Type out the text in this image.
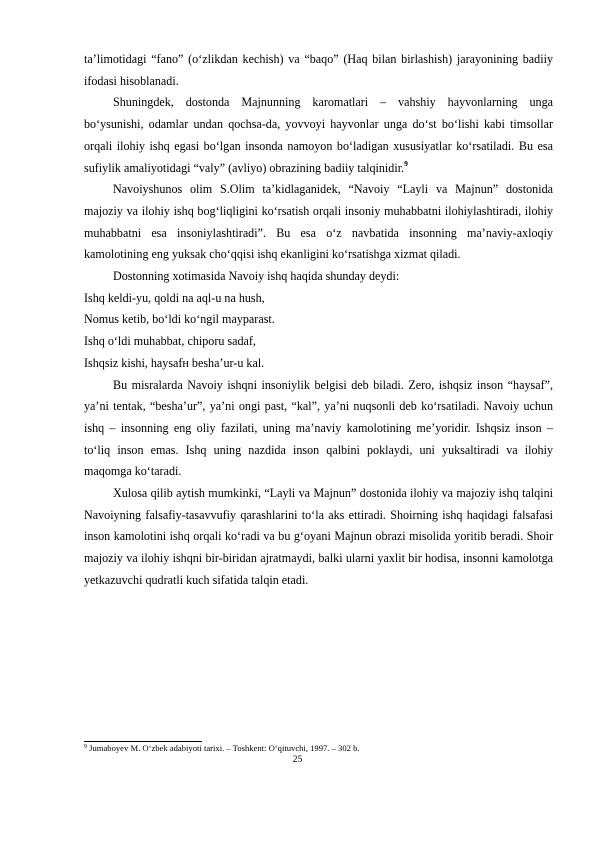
ta’limotidagi “fano” (o‘zlikdan kechish) va “baqo” (Haq bilan birlashish) jarayonining badiiy ifodasi hisoblanadi.

Shuningdek, dostonda Majnunning karomatlari – vahshiy hayvonlarning unga bo‘ysunishi, odamlar undan qochsa-da, yovvoyi hayvonlar unga do‘st bo‘lishi kabi timsollar orqali ilohiy ishq egasi bo‘lgan insonda namoyon bo‘ladigan xususiyatlar ko‘rsatiladi. Bu esa sufiylik amaliyotidagi “valy” (avliyo) obrazining badiiy talqinidir.$^9$

Navoiyshunos olim S.Olim ta’kidlaganidek, “Navoiy “Layli va Majnun” dostonida majoziy va ilohiy ishq bog‘liqligini ko‘rsatish orqali insoniy muhabbatni ilohiylashtiradi, ilohiy muhabbatni esa insoniylashtiradi”. Bu esa o‘z navbatida insonning ma’naviy-axloqiy kamolotining eng yuksak cho‘qqisi ishq ekanligini ko‘rsatishga xizmat qiladi.

Dostonning xotimasida Navoiy ishq haqida shunday deydi:

Ishq keldi-yu, qoldi na aql-u na hush,

Nomus ketib, bo‘ldi ko‘ngil mayparast.

Ishq o‘ldi muhabbat, chiporu sadaf,

Ishqsiz kishi, haysafн besha’ur-u kal.

Bu misralarda Navoiy ishqni insoniylik belgisi deb biladi. Zero, ishqsiz inson “haysaf”, ya’ni tentak, “besha’ur”, ya’ni ongi past, “kal”, ya’ni nuqsonli deb ko‘rsatiladi. Navoiy uchun ishq – insonning eng oliy fazilati, uning ma’naviy kamolotining me’yoridir. Ishqsiz inson – to‘liq inson emas. Ishq uning nazdida inson qalbini poklaydi, uni yuksaltiradi va ilohiy maqomga ko‘taradi.

Xulosa qilib aytish mumkinki, “Layli va Majnun” dostonida ilohiy va majoziy ishq talqini Navoiyning falsafiy-tasavvufiy qarashlarini to‘la aks ettiradi. Shoirning ishq haqidagi falsafasi inson kamolotini ishq orqali ko‘radi va bu g‘oyani Majnun obrazi misolida yoritib beradi. Shoir majoziy va ilohiy ishqni bir-biridan ajratmaydi, balki ularni yaxlit bir hodisa, insonni kamolotga yetkazuvchi qudratli kuch sifatida talqin etadi.

$^9$ Jumaboyev M. O‘zbek adabiyoti tarixi. – Toshkent: O‘qituvchi, 1997. – 302 b.

25
